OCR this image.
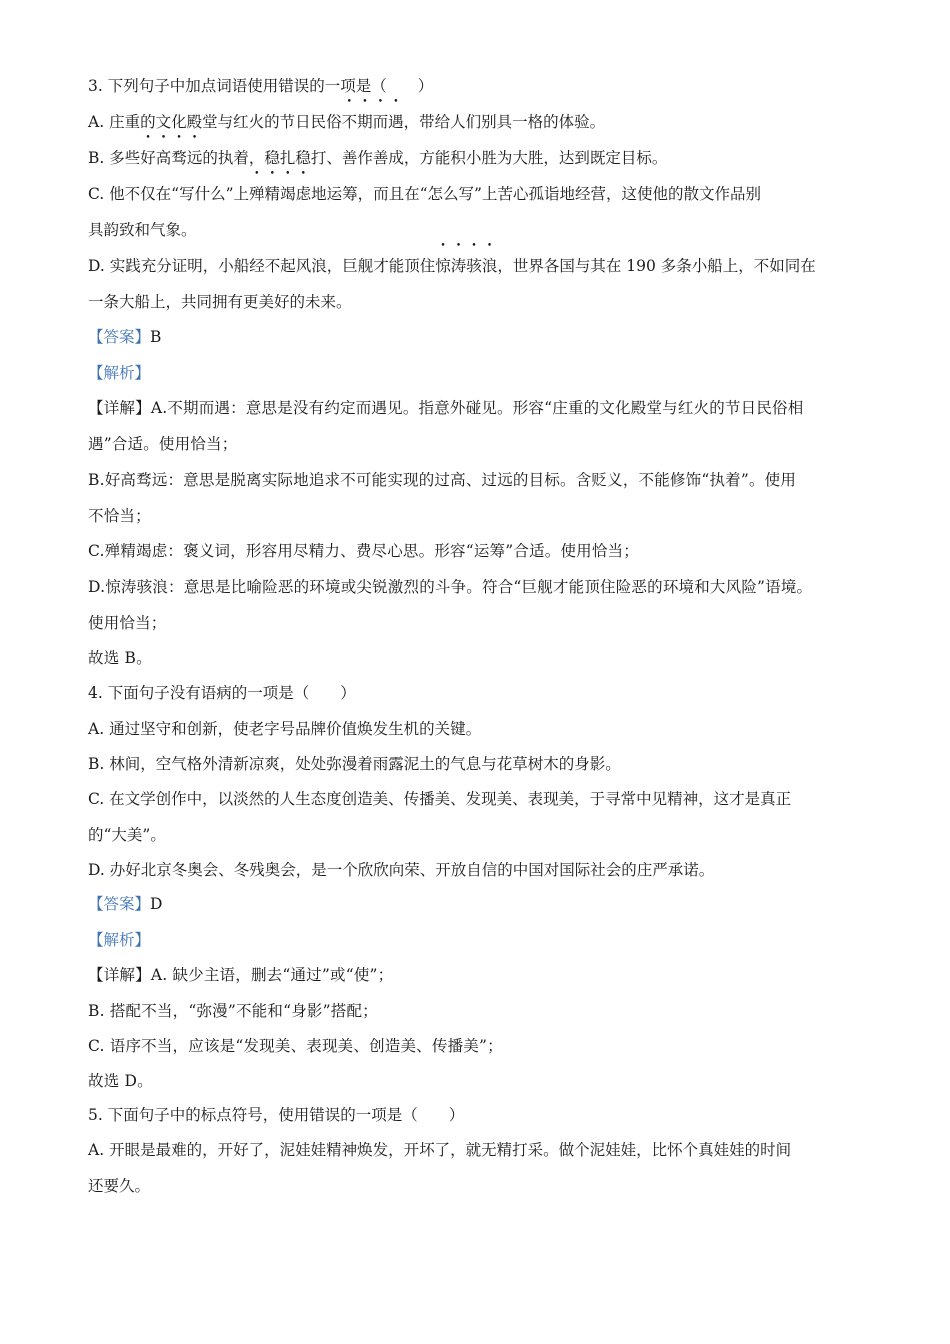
3. 下列句子中加点词语使用错误的一项是（　　）

A. 庄重的文化殿堂与红火的节日民俗不期而遇，带给人们别具一格的体验。

B. 多些好高骛远的执着，稳扎稳打、善作善成，方能积小胜为大胜，达到既定目标。

C. 他不仅在“写什么”上殚精竭虑地运筹，而且在“怎么写”上苦心孤诣地经营，这使他的散文作品别

具韵致和气象。

D. 实践充分证明，小船经不起风浪，巨舰才能顶住惊涛骇浪，世界各国与其在 190 多条小船上，不如同在

一条大船上，共同拥有更美好的未来。

【答案】B

【解析】

【详解】A.不期而遇：意思是没有约定而遇见。指意外碰见。形容“庄重的文化殿堂与红火的节日民俗相

遇”合适。使用恰当；

B.好高骛远：意思是脱离实际地追求不可能实现的过高、过远的目标。含贬义，不能修饰“执着”。使用

不恰当；

C.殚精竭虑：褒义词，形容用尽精力、费尽心思。形容“运筹”合适。使用恰当；

D.惊涛骇浪：意思是比喻险恶的环境或尖锐激烈的斗争。符合“巨舰才能顶住险恶的环境和大风险”语境。

使用恰当；

故选 B。

4. 下面句子没有语病的一项是（　　）

A. 通过坚守和创新，使老字号品牌价值焕发生机的关键。

B. 林间，空气格外清新凉爽，处处弥漫着雨露泥土的气息与花草树木的身影。

C. 在文学创作中，以淡然的人生态度创造美、传播美、发现美、表现美，于寻常中见精神，这才是真正

的“大美”。

D. 办好北京冬奥会、冬残奥会，是一个欣欣向荣、开放自信的中国对国际社会的庄严承诺。

【答案】D

【解析】

【详解】A. 缺少主语，删去“通过”或“使”；

B. 搭配不当，“弥漫”不能和“身影”搭配；

C. 语序不当，应该是“发现美、表现美、创造美、传播美”；

故选 D。

5. 下面句子中的标点符号，使用错误的一项是（　　）

A. 开眼是最难的，开好了，泥娃娃精神焕发，开坏了，就无精打采。做个泥娃娃，比怀个真娃娃的时间

还要久。
